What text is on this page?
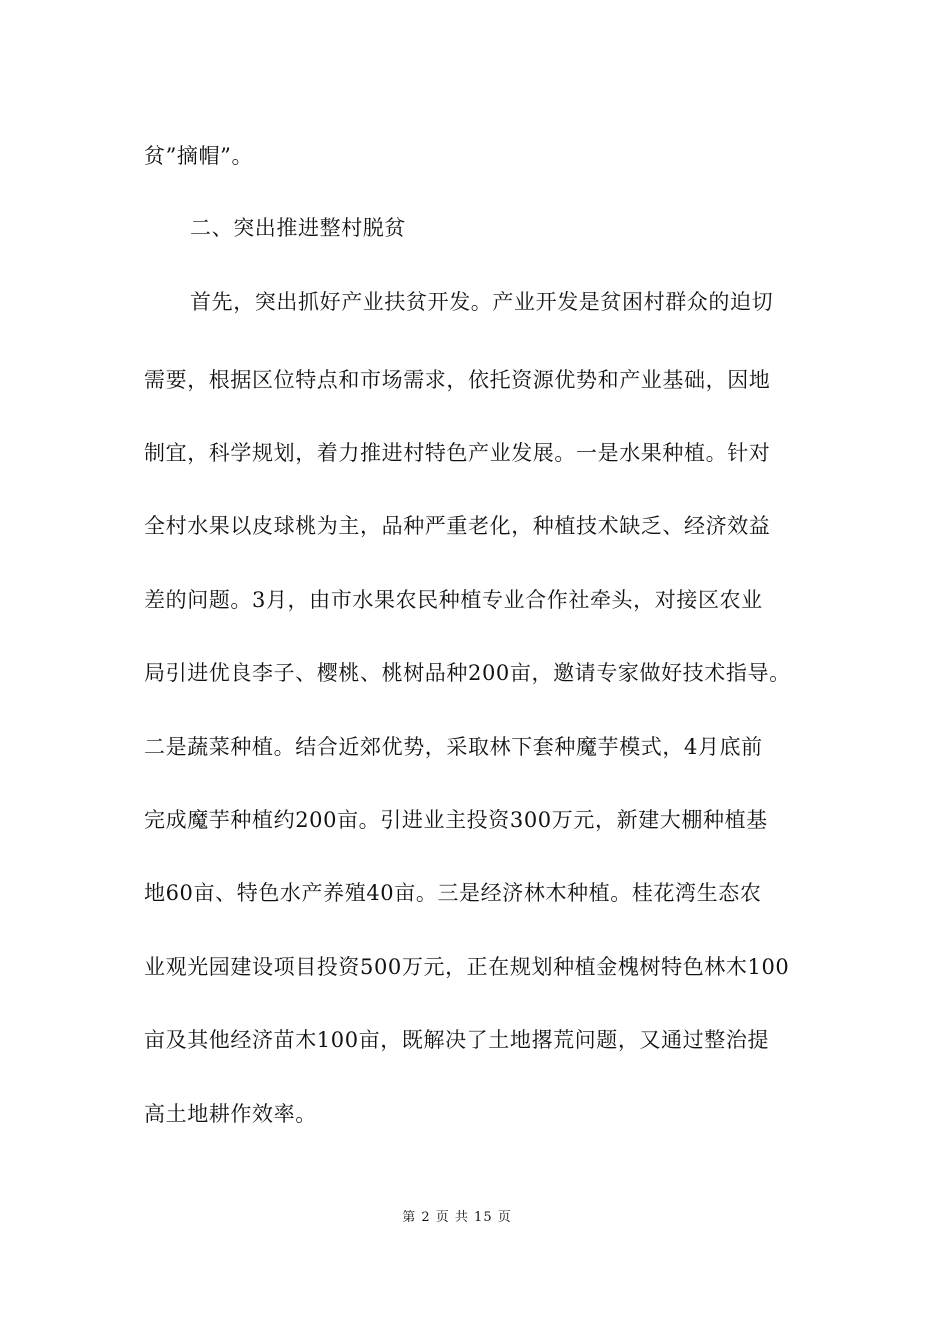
贫”摘帽”。
二、突出推进整村脱贫
首先，突出抓好产业扶贫开发。产业开发是贫困村群众的迫切
需要，根据区位特点和市场需求，依托资源优势和产业基础，因地
制宜，科学规划，着力推进村特色产业发展。一是水果种植。针对
全村水果以皮球桃为主，品种严重老化，种植技术缺乏、经济效益
差的问题。3月，由市水果农民种植专业合作社牵头，对接区农业
局引进优良李子、樱桃、桃树品种200亩，邀请专家做好技术指导。
二是蔬菜种植。结合近郊优势，采取林下套种魔芋模式，4月底前
完成魔芋种植约200亩。引进业主投资300万元，新建大棚种植基
地60亩、特色水产养殖40亩。三是经济林木种植。桂花湾生态农
业观光园建设项目投资500万元，正在规划种植金槐树特色林木100
亩及其他经济苗木100亩，既解决了土地撂荒问题，又通过整治提
高土地耕作效率。
第 2 页 共 15 页
